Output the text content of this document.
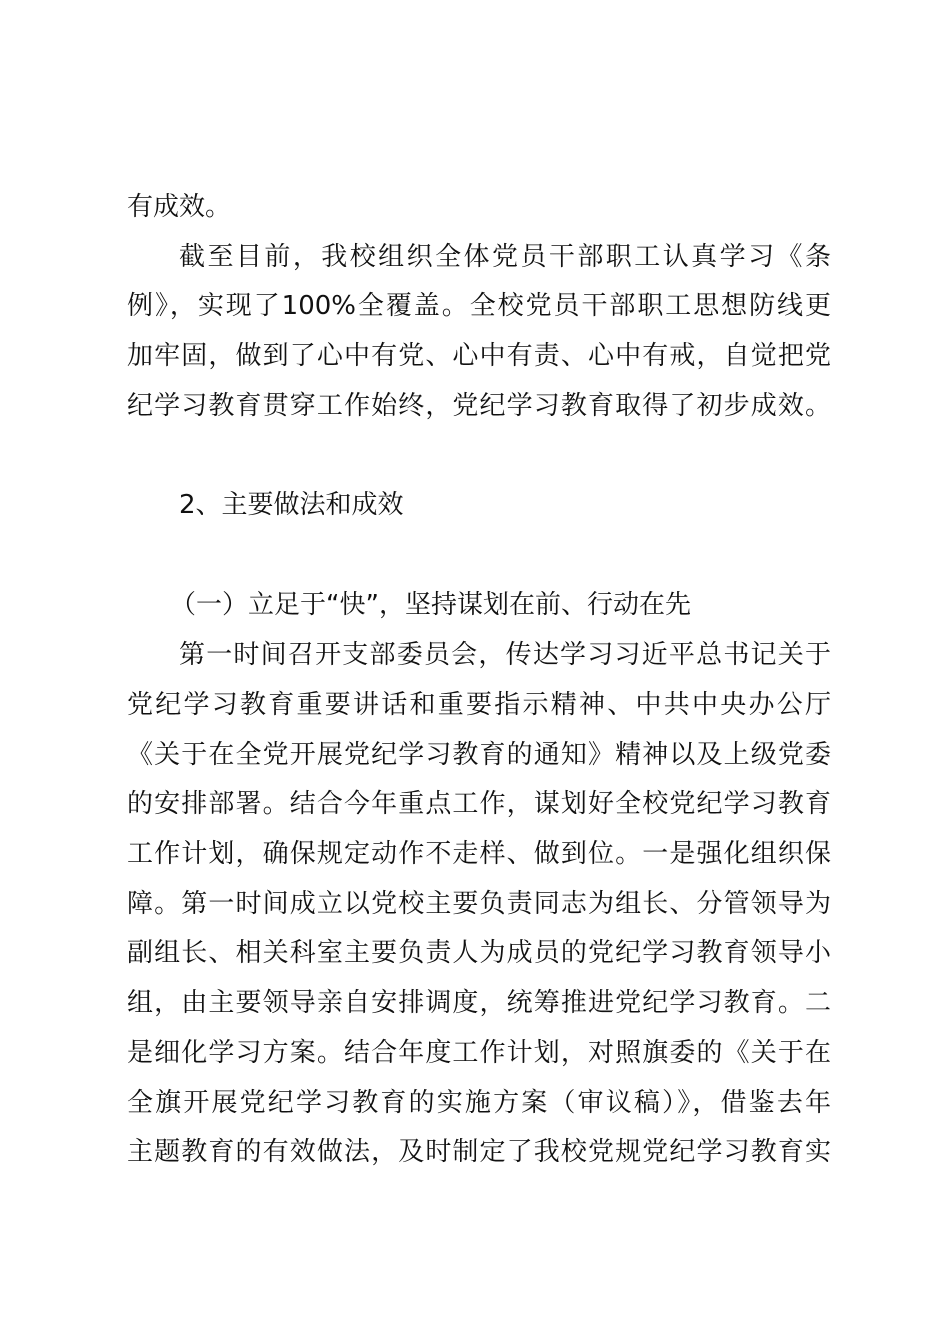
有成效。
截至目前，我校组织全体党员干部职工认真学习《条
例》，实现了100%全覆盖。全校党员干部职工思想防线更
加牢固，做到了心中有党、心中有责、心中有戒，自觉把党
纪学习教育贯穿工作始终，党纪学习教育取得了初步成效。
2、主要做法和成效
（一）立足于“快”，坚持谋划在前、行动在先
第一时间召开支部委员会，传达学习习近平总书记关于
党纪学习教育重要讲话和重要指示精神、中共中央办公厅
《关于在全党开展党纪学习教育的通知》精神以及上级党委
的安排部署。结合今年重点工作，谋划好全校党纪学习教育
工作计划，确保规定动作不走样、做到位。一是强化组织保
障。第一时间成立以党校主要负责同志为组长、分管领导为
副组长、相关科室主要负责人为成员的党纪学习教育领导小
组，由主要领导亲自安排调度，统筹推进党纪学习教育。二
是细化学习方案。结合年度工作计划，对照旗委的《关于在
全旗开展党纪学习教育的实施方案（审议稿）》，借鉴去年
主题教育的有效做法，及时制定了我校党规党纪学习教育实
